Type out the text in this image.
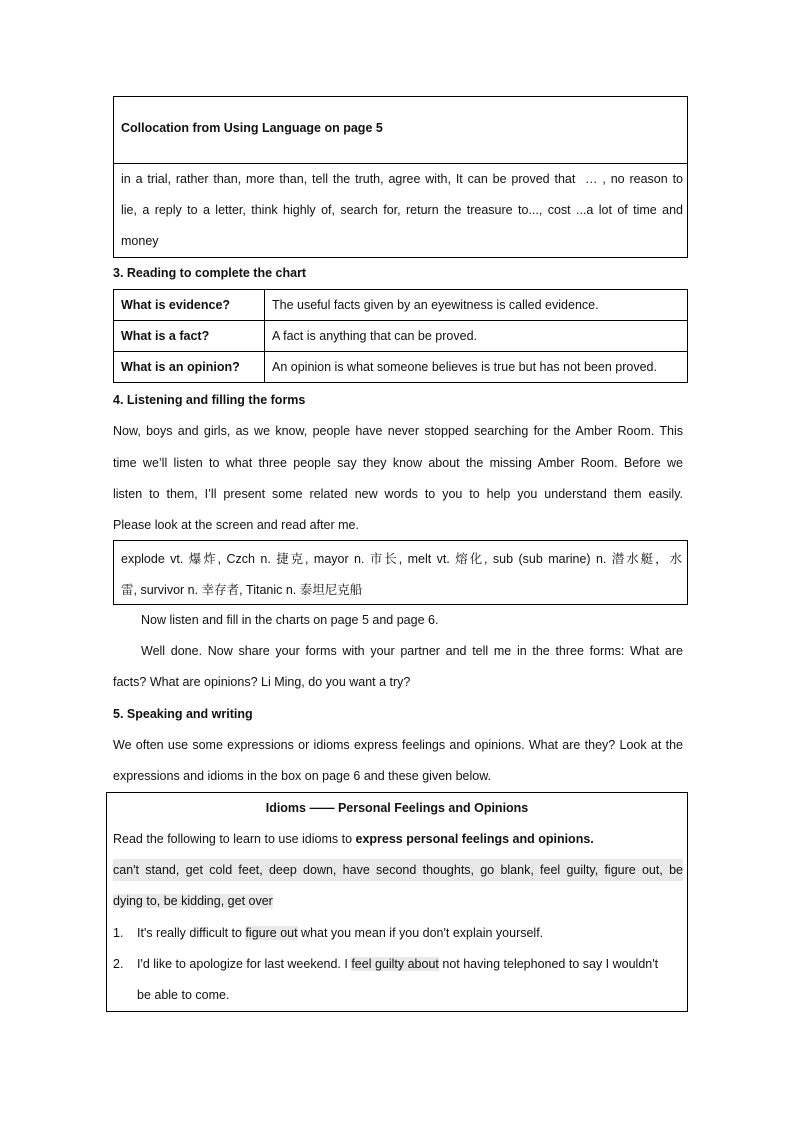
Collocation from Using Language on page 5
in a trial, rather than, more than, tell the truth, agree with, It can be proved that  … , no reason to
lie, a reply to a letter, think highly of, search for, return the treasure to..., cost ...a lot of time and
money
3. Reading to complete the chart
What is evidence?	The useful facts given by an eyewitness is called evidence.
What is a fact?	A fact is anything that can be proved.
What is an opinion?	An opinion is what someone believes is true but has not been proved.
4. Listening and filling the forms
Now, boys and girls, as we know, people have never stopped searching for the Amber Room. This
time we’ll listen to what three people say they know about the missing Amber Room. Before we
listen to them, I’ll present some related new words to you to help you understand them easily.
Please look at the screen and read after me.
explode vt. 爆炸, Czch n. 捷克, mayor n. 市长, melt vt. 熔化, sub (sub marine) n. 潜水艇，水
雷, survivor n. 幸存者, Titanic n. 泰坦尼克船
Now listen and fill in the charts on page 5 and page 6.
Well done. Now share your forms with your partner and tell me in the three forms: What are
facts? What are opinions? Li Ming, do you want a try?
5. Speaking and writing
We often use some expressions or idioms express feelings and opinions. What are they? Look at the
expressions and idioms in the box on page 6 and these given below.
Idioms —— Personal Feelings and Opinions
Read the following to learn to use idioms to express personal feelings and opinions.
can't stand, get cold feet, deep down, have second thoughts, go blank, feel guilty, figure out, be
dying to, be kidding, get over
1. It's really difficult to figure out what you mean if you don't explain yourself.
2. I'd like to apologize for last weekend. I feel guilty about not having telephoned to say I wouldn't
be able to come.
